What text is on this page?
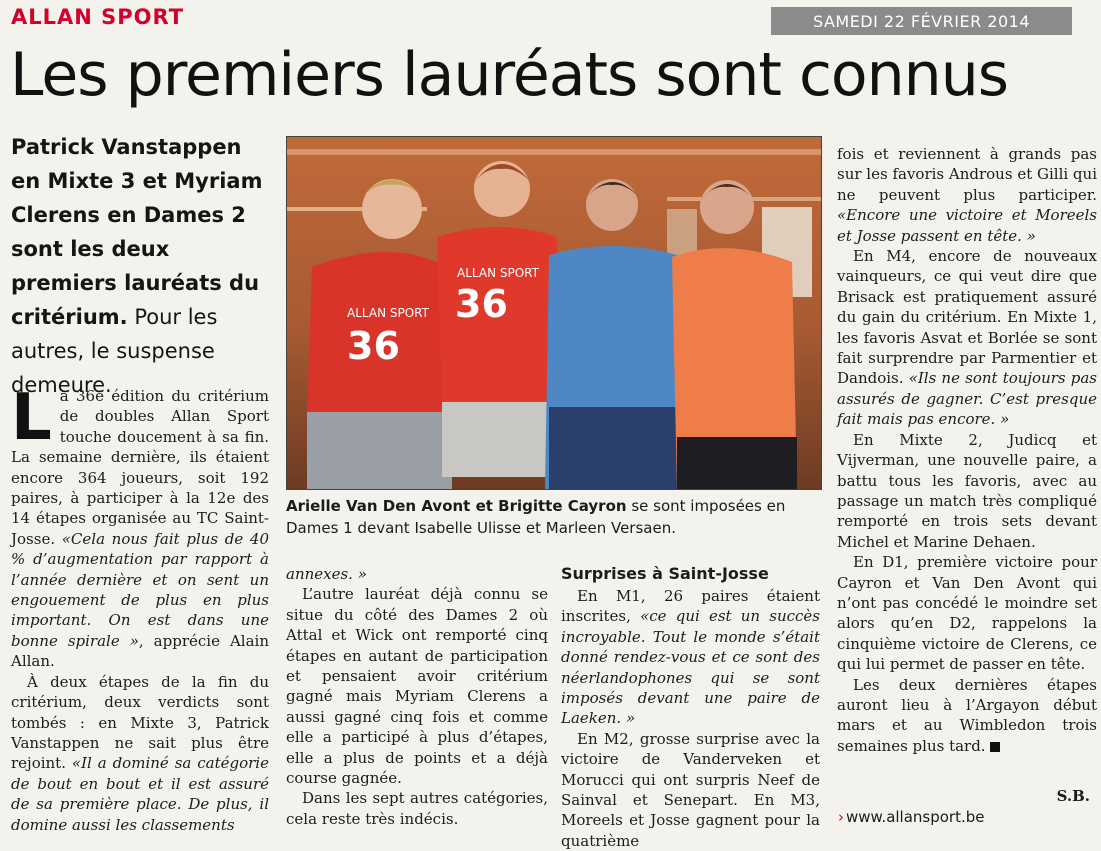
ALLAN SPORT	SAMEDI 22 FÉVRIER 2014
Les premiers lauréats sont connus
Patrick Vanstappen en Mixte 3 et Myriam Clerens en Dames 2 sont les deux premiers lauréats du critérium. Pour les autres, le suspense demeure.

La 36e édition du critérium de doubles Allan Sport touche doucement à sa fin. La semaine dernière, ils étaient encore 364 joueurs, soit 192 paires, à participer à la 12e des 14 étapes organisée au TC Saint-Josse. «Cela nous fait plus de 40 % d’augmentation par rapport à l’année dernière et on sent un engouement de plus en plus important. On est dans une bonne spirale », apprécie Alain Allan.

À deux étapes de la fin du critérium, deux verdicts sont tombés : en Mixte 3, Patrick Vanstappen ne sait plus être rejoint. «Il a dominé sa catégorie de bout en bout et il est assuré de sa première place. De plus, il domine aussi les classements

ALLAN SPORT
36
ALLAN SPORT
36
Arielle Van Den Avont et Brigitte Cayron se sont imposées en Dames 1 devant Isabelle Ulisse et Marleen Versaen.

annexes. »

L’autre lauréat déjà connu se situe du côté des Dames 2 où Attal et Wick ont remporté cinq étapes en autant de participation et pensaient avoir critérium gagné mais Myriam Clerens a aussi gagné cinq fois et comme elle a participé à plus d’étapes, elle a plus de points et a déjà course gagnée.

Dans les sept autres catégories, cela reste très indécis.

Surprises à Saint-Josse

En M1, 26 paires étaient inscrites, «ce qui est un succès incroyable. Tout le monde s’était donné rendez-vous et ce sont des néerlandophones qui se sont imposés devant une paire de Laeken. »

En M2, grosse surprise avec la victoire de Vanderveken et Morucci qui ont surpris Neef de Sainval et Senepart. En M3, Moreels et Josse gagnent pour la quatrième

fois et reviennent à grands pas sur les favoris Androus et Gilli qui ne peuvent plus participer. «Encore une victoire et Moreels et Josse passent en tête. »

En M4, encore de nouveaux vainqueurs, ce qui veut dire que Brisack est pratiquement assuré du gain du critérium. En Mixte 1, les favoris Asvat et Borlée se sont fait surprendre par Parmentier et Dandois. «Ils ne sont toujours pas assurés de gagner. C’est presque fait mais pas encore. »

En Mixte 2, Judicq et Vijverman, une nouvelle paire, a battu tous les favoris, avec au passage un match très compliqué remporté en trois sets devant Michel et Marine Dehaen.

En D1, première victoire pour Cayron et Van Den Avont qui n’ont pas concédé le moindre set alors qu’en D2, rappelons la cinquième victoire de Clerens, ce qui lui permet de passer en tête.

Les deux dernières étapes auront lieu à l’Argayon début mars et au Wimbledon trois semaines plus tard.

S.B.
› www.allansport.be
